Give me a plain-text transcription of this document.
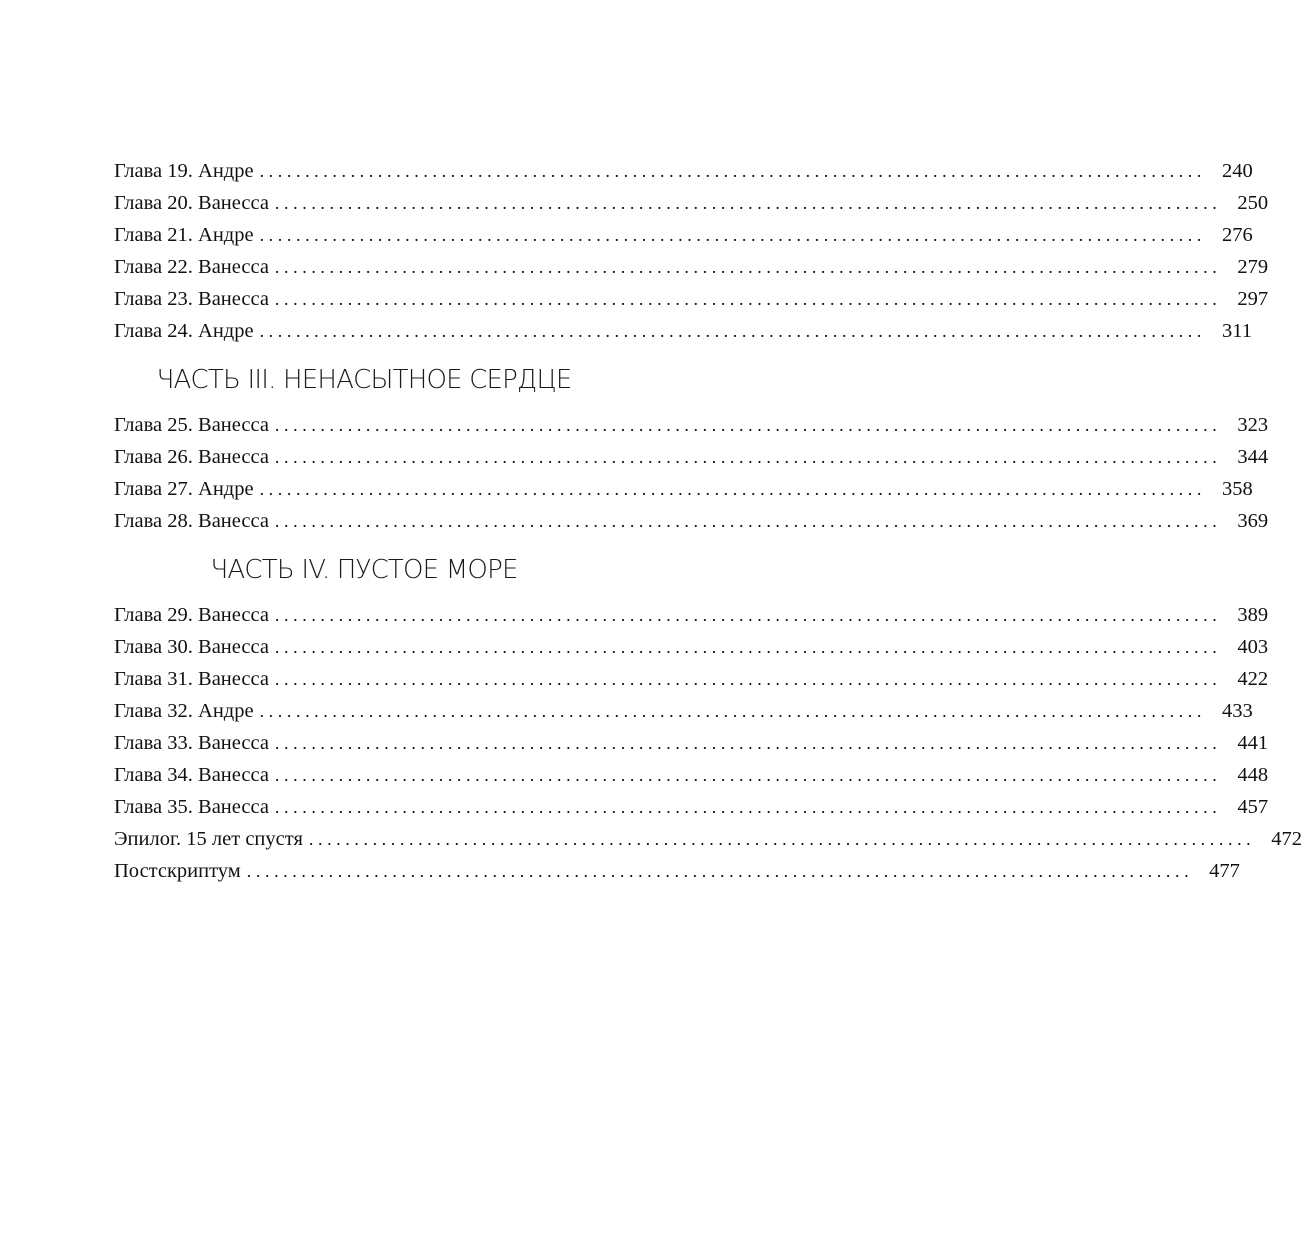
Глава 19. Андре ........................................................................................................ 240
Глава 20. Ванесса ........................................................................................................ 250
Глава 21. Андре ........................................................................................................ 276
Глава 22. Ванесса ........................................................................................................ 279
Глава 23. Ванесса ........................................................................................................ 297
Глава 24. Андре ........................................................................................................ 311
ЧАСТЬ III. НЕНАСЫТНОЕ СЕРДЦЕ
Глава 25. Ванесса ........................................................................................................ 323
Глава 26. Ванесса ........................................................................................................ 344
Глава 27. Андре ........................................................................................................ 358
Глава 28. Ванесса ........................................................................................................ 369
ЧАСТЬ IV. ПУСТОЕ МОРЕ
Глава 29. Ванесса ........................................................................................................ 389
Глава 30. Ванесса ........................................................................................................ 403
Глава 31. Ванесса ........................................................................................................ 422
Глава 32. Андре ........................................................................................................ 433
Глава 33. Ванесса ........................................................................................................ 441
Глава 34. Ванесса ........................................................................................................ 448
Глава 35. Ванесса ........................................................................................................ 457
Эпилог. 15 лет спустя ........................................................................................................ 472
Постскриптум ........................................................................................................ 477
